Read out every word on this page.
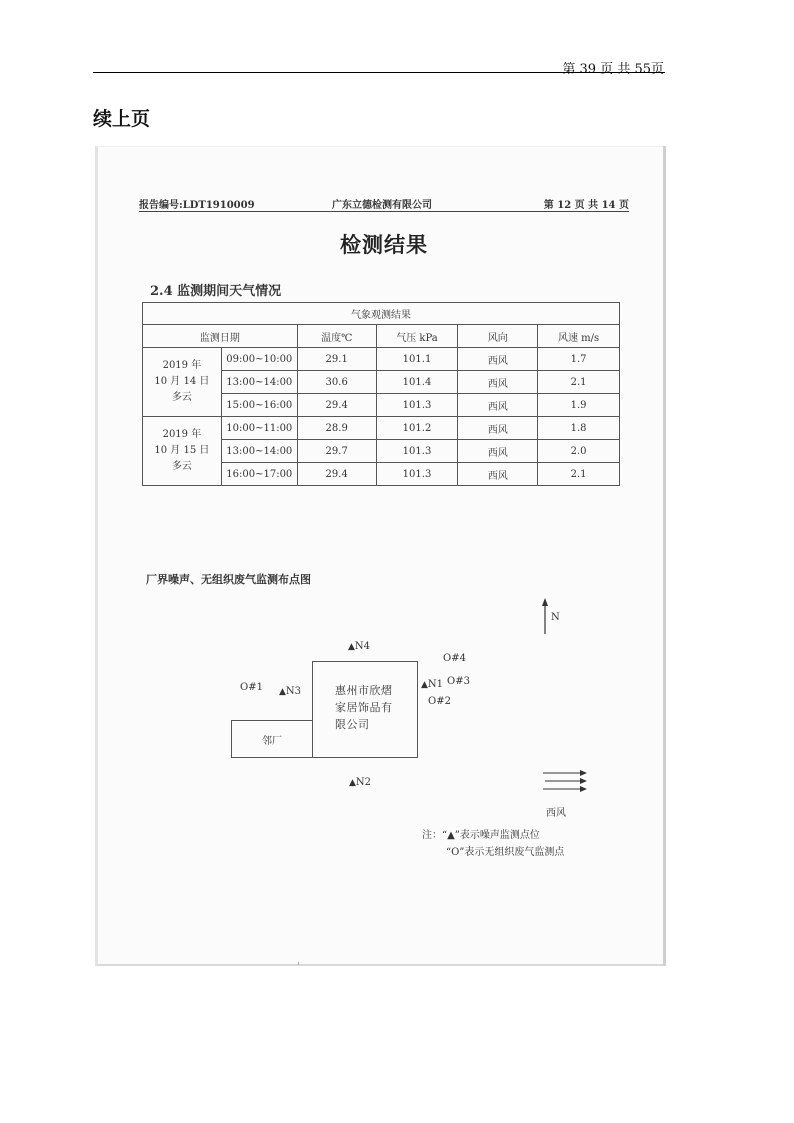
第 39 页 共 55页
续上页
报告编号:LDT1910009	广东立德检测有限公司	第 12 页 共 14 页
检测结果
2.4 监测期间天气情况
气象观测结果					
监测日期		温度℃	气压 kPa	风向	风速 m/s

2019 年
10 月 14 日
多云	09:00~10:00	29.1	101.1	西风	1.7
	13:00~14:00	30.6	101.4	西风	2.1
	15:00~16:00	29.4	101.3	西风	1.9

2019 年
10 月 15 日
多云	10:00~11:00	28.9	101.2	西风	1.8
	13:00~14:00	29.7	101.3	西风	2.0
	16:00~17:00	29.4	101.3	西风	2.1
厂界噪声、无组织废气监测布点图
N
惠州市欣熠家居饰品有限公司
邻厂
▲N4
▲N3
▲N1
▲N2
O#1
O#4
O#3
O#2
西风
注：“▲”表示噪声监测点位
“O”表示无组织废气监测点
